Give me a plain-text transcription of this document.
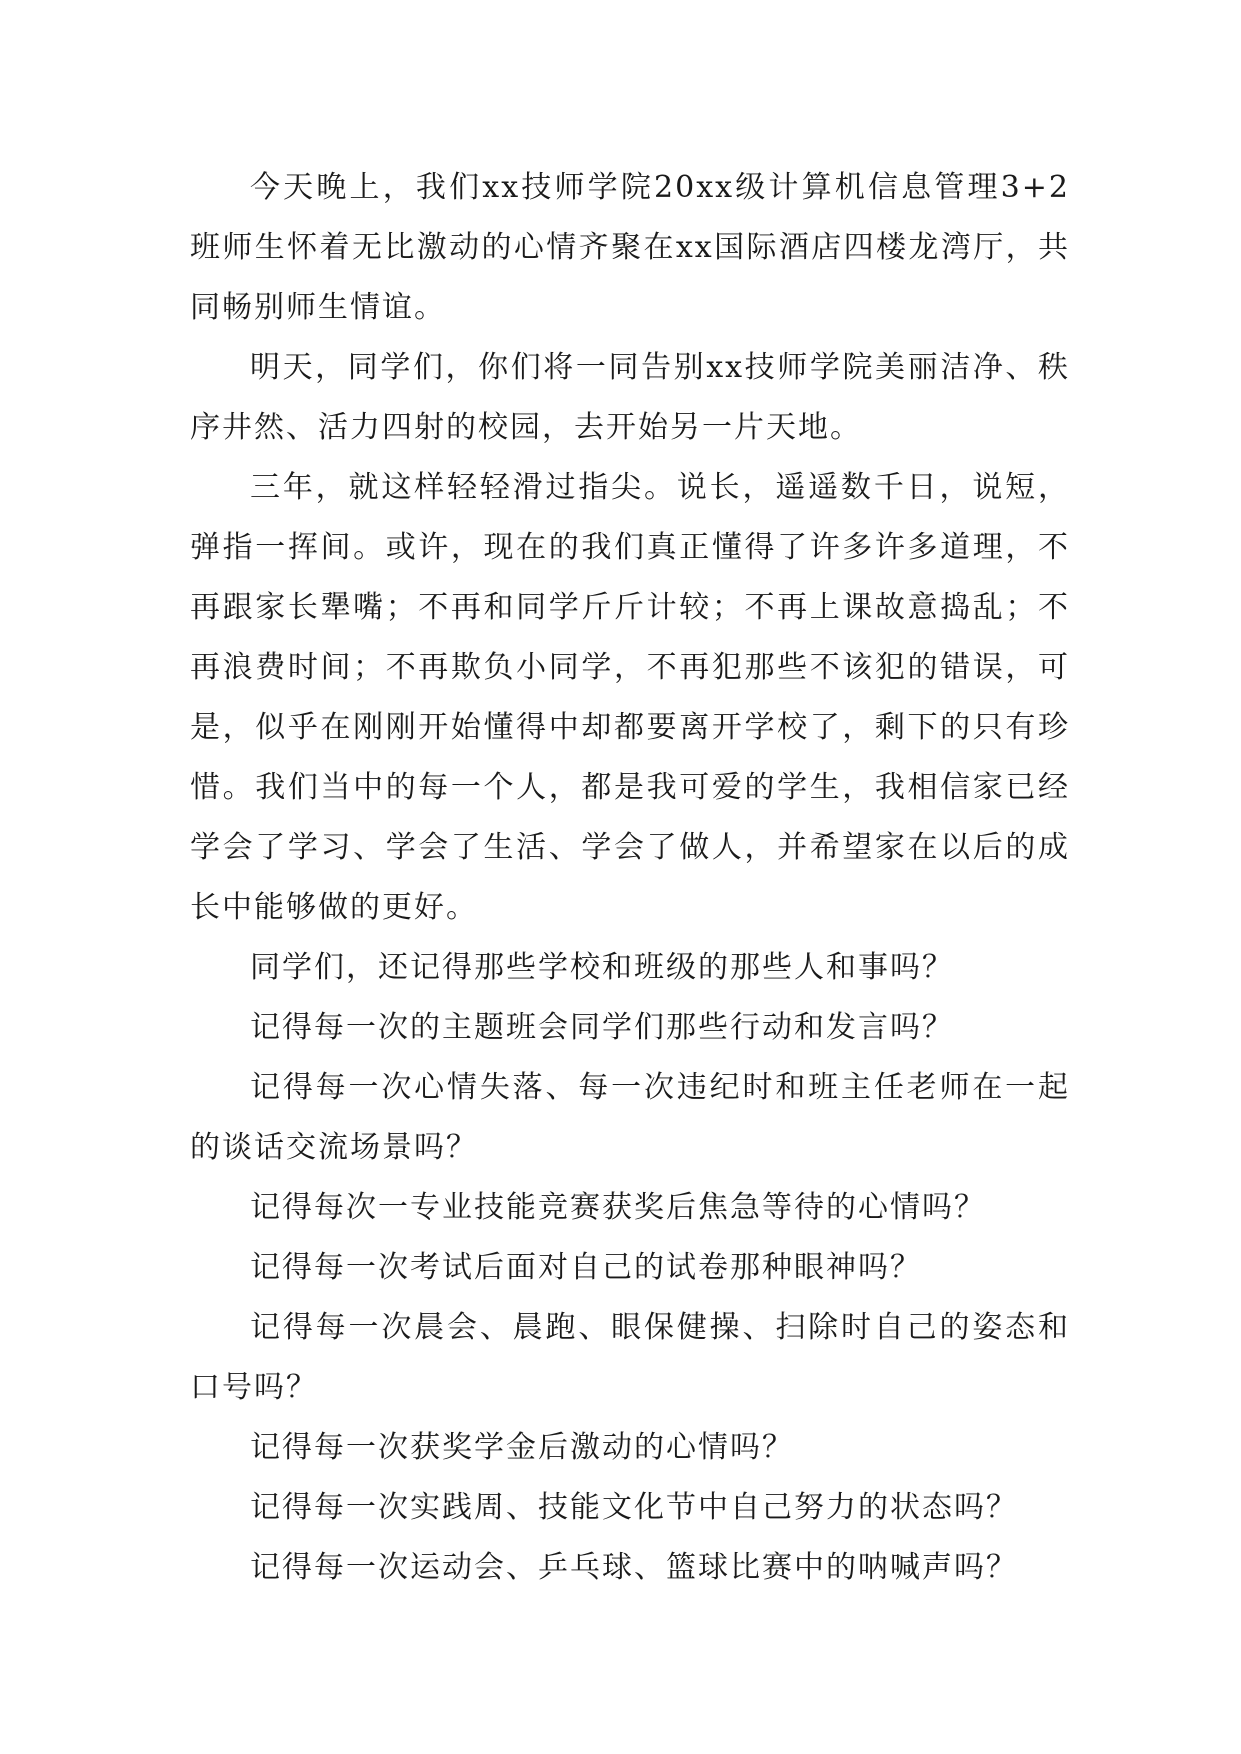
今天晚上，我们xx技师学院20xx级计算机信息管理3+2班师生怀着无比激动的心情齐聚在xx国际酒店四楼龙湾厅，共同畅别师生情谊。

明天，同学们，你们将一同告别xx技师学院美丽洁净、秩序井然、活力四射的校园，去开始另一片天地。

三年，就这样轻轻滑过指尖。说长，遥遥数千日，说短，弹指一挥间。或许，现在的我们真正懂得了许多许多道理，不再跟家长犟嘴；不再和同学斤斤计较；不再上课故意捣乱；不再浪费时间；不再欺负小同学，不再犯那些不该犯的错误，可是，似乎在刚刚开始懂得中却都要离开学校了，剩下的只有珍惜。我们当中的每一个人，都是我可爱的学生，我相信家已经学会了学习、学会了生活、学会了做人，并希望家在以后的成长中能够做的更好。

同学们，还记得那些学校和班级的那些人和事吗？

记得每一次的主题班会同学们那些行动和发言吗？

记得每一次心情失落、每一次违纪时和班主任老师在一起的谈话交流场景吗？

记得每次一专业技能竞赛获奖后焦急等待的心情吗？

记得每一次考试后面对自己的试卷那种眼神吗？

记得每一次晨会、晨跑、眼保健操、扫除时自己的姿态和口号吗？

记得每一次获奖学金后激动的心情吗？

记得每一次实践周、技能文化节中自己努力的状态吗？

记得每一次运动会、乒乓球、篮球比赛中的呐喊声吗？
